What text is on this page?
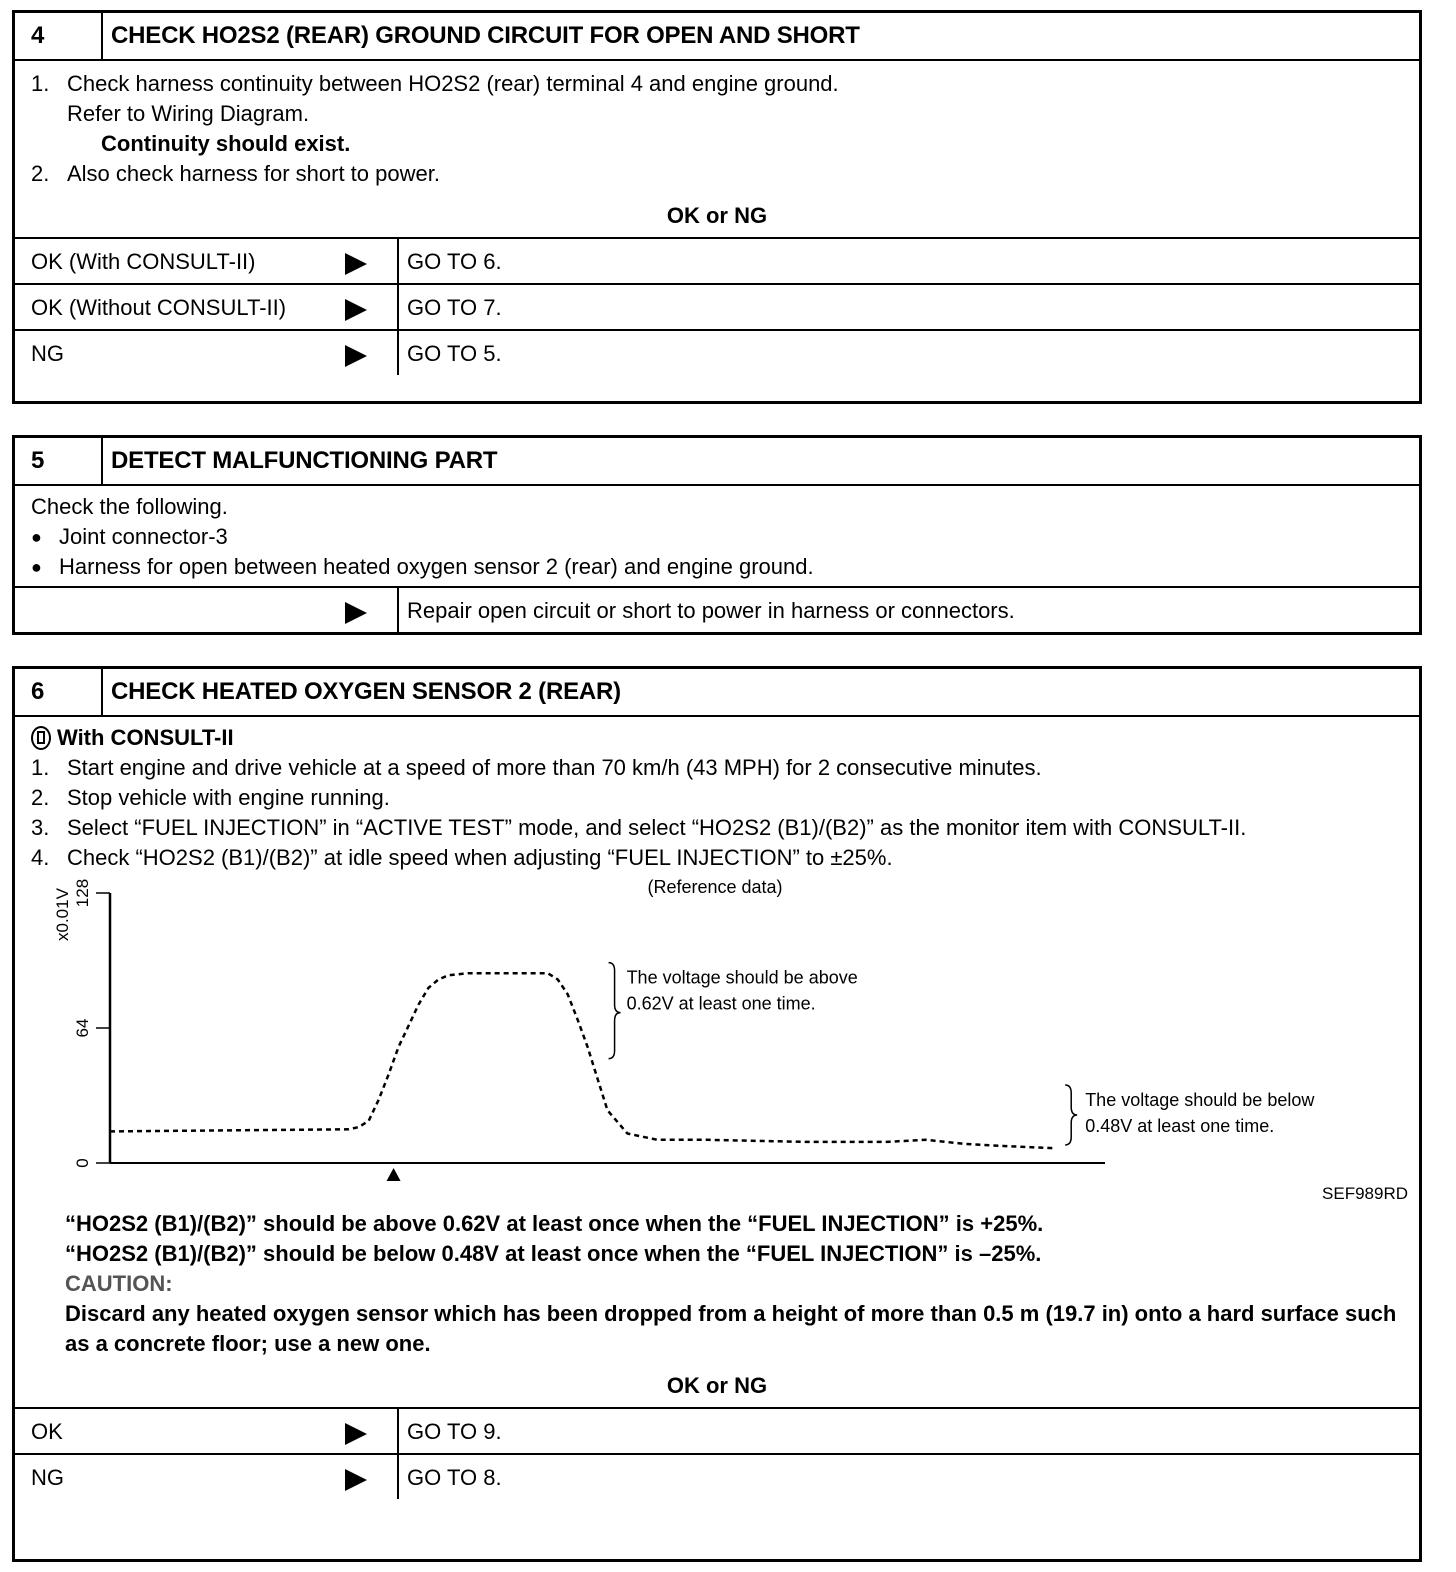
4	CHECK HO2S2 (REAR) GROUND CIRCUIT FOR OPEN AND SHORT
1. Check harness continuity between HO2S2 (rear) terminal 4 and engine ground.
Refer to Wiring Diagram.
Continuity should exist.
2. Also check harness for short to power.
OK or NG
OK (With CONSULT-II)	GO TO 6.
OK (Without CONSULT-II)	GO TO 7.
NG	GO TO 5.
5	DETECT MALFUNCTIONING PART
Check the following.
● Joint connector-3
● Harness for open between heated oxygen sensor 2 (rear) and engine ground.

Repair open circuit or short to power in harness or connectors.
6	CHECK HEATED OXYGEN SENSOR 2 (REAR)
With CONSULT-II
1. Start engine and drive vehicle at a speed of more than 70 km/h (43 MPH) for 2 consecutive minutes.
2. Stop vehicle with engine running.
3. Select “FUEL INJECTION” in “ACTIVE TEST” mode, and select “HO2S2 (B1)/(B2)” as the monitor item with CONSULT-II.
4. Check “HO2S2 (B1)/(B2)” at idle speed when adjusting “FUEL INJECTION” to ±25%.
0
64
128
x0.01V
(Reference data)
The voltage should be above
0.62V at least one time.
The voltage should be below
0.48V at least one time.
SEF989RD
“HO2S2 (B1)/(B2)” should be above 0.62V at least once when the “FUEL INJECTION” is +25%.
“HO2S2 (B1)/(B2)” should be below 0.48V at least once when the “FUEL INJECTION” is –25%.
CAUTION:
Discard any heated oxygen sensor which has been dropped from a height of more than 0.5 m (19.7 in) onto a hard surface such as a concrete floor; use a new one.
OK or NG
OK	GO TO 9.
NG	GO TO 8.
